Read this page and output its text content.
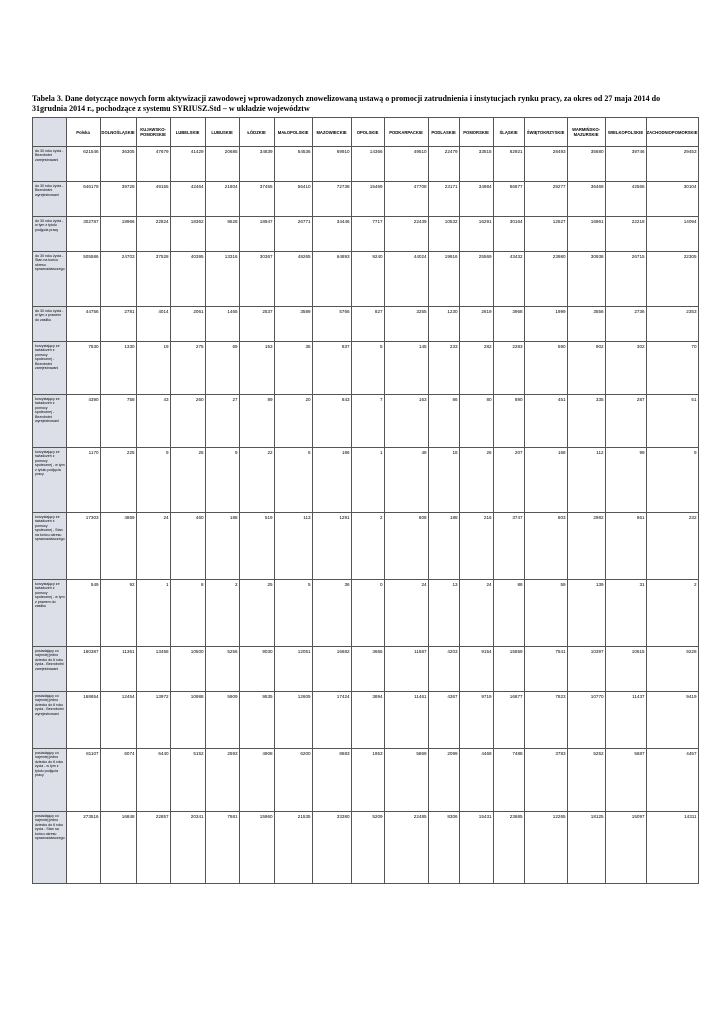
Tabela 3. Dane dotyczące nowych form aktywizacji zawodowej wprowadzonych znowelizowaną ustawą o promocji zatrudnienia i instytucjach rynku pracy, za okres od 27 maja 2014 do 31grudnia 2014 r., pochodzące z systemu SYRIUSZ.Std – w układzie województw
	Polska	DOLNOŚLĄSKIE	KUJAWSKO-POMORSKIE	LUBELSKIE	LUBUSKIE	ŁÓDZKIE	MAŁOPOLSKIE	MAZOWIECKIE	OPOLSKIE	PODKARPACKIE	PODLASKIE	POMORSKIE	ŚLĄSKIE	ŚWIĘTOKRZYSKIE	WARMIŃSKO-MAZURSKIE	WIELKOPOLSKIE	ZACHODNIOPOMORSKIE
do 30 roku życia - Bezrobotni zarejestrowani	621546	36305	47679	41429	20685	34839	54536	69910	14366	49510	22479	33515	62921	28493	35680	39746	29453
do 30 roku życia - Bezrobotni wyrejestrowani	646179	39728	49155	42464	21804	37455	56410	72738	15469	47708	23171	34984	66677	29277	36469	42566	30104
do 30 roku życia - w tym z tytułu podjęcia pracy	302787	18966	22824	18362	9528	18947	26771	34446	7717	22439	10532	16291	30164	12527	16961	22218	14094
do 30 roku życia - Stan na końcu okresu sprawozdawczego	505586	24703	37528	40395	13316	30367	48265	64893	9240	44024	19916	25569	43432	23980	30938	26715	22305
do 30 roku życia - w tym z prawem do zasiłku	44756	2781	4014	2061	1465	2537	3589	5766	827	3255	1230	2619	3968	1999	3556	2736	2353
korzystający ze świadczeń z pomocy społecznej - Bezrobotni zarejestrowani	7530	1330	19	275	69	153	35	837	5	145	233	282	2283	590	902	302	70
korzystający ze świadczeń z pomocy społecznej - Bezrobotni wyrejestrowani	4390	758	43	260	27	89	20	843	7	163	86	80	890	451	335	287	51
korzystający ze świadczeń z pomocy społecznej - w tym z tytułu podjęcia pracy	1170	225	9	25	9	22	6	186	1	48	18	26	207	168	112	99	9
korzystający ze świadczeń z pomocy społecznej - Stan na końcu okresu sprawozdawczego	17303	4869	24	460	188	519	113	1291	2	808	188	216	3747	803	2982	861	232
korzystający ze świadczeń z pomocy społecznej - w tym z prawem do zasiłku	549	92	1	8	2	25	5	36	0	24	13	24	88	59	139	31	2
posiadający co najmniej jedno dziecko do 6 roku życia - Bezrobotni zarejestrowani	160387	11361	13458	10500	5256	9030	12051	16682	3665	11687	4203	9154	15559	7541	10397	10615	9228
posiadający co najmniej jedno dziecko do 6 roku życia - Bezrobotni wyrejestrowani	168654	12454	13972	10988	5909	9535	12605	17424	3894	11461	4367	9719	16877	7823	10770	11437	9419
posiadający co najmniej jedno dziecko do 6 roku życia - w tym z tytułu podjęcia pracy	81107	6074	6440	5152	2593	4908	6200	8683	1953	5869	2099	4469	7488	3783	5252	5687	4457
posiadający co najmniej jedno dziecko do 6 roku życia - Stan na końcu okresu sprawozdawczego	273516	16848	22857	20341	7681	15960	21535	33380	5209	22485	8306	15431	23685	12265	18125	15097	14311
